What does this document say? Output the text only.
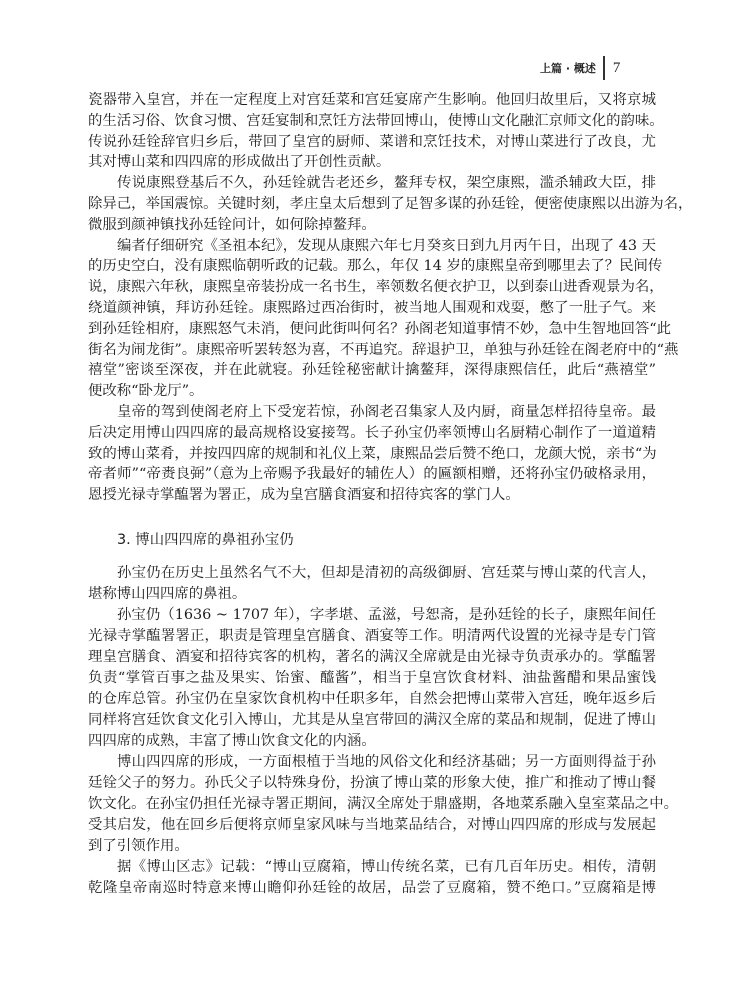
上篇 · 概述 7
瓷器带入皇宫，并在一定程度上对宫廷菜和宫廷宴席产生影响。他回归故里后，又将京城
的生活习俗、饮食习惯、宫廷宴制和烹饪方法带回博山，使博山文化融汇京师文化的韵味。
传说孙廷铨辞官归乡后，带回了皇宫的厨师、菜谱和烹饪技术，对博山菜进行了改良，尤
其对博山菜和四四席的形成做出了开创性贡献。
传说康熙登基后不久，孙廷铨就告老还乡，鳌拜专权，架空康熙，滥杀辅政大臣，排
除异己，举国震惊。关键时刻，孝庄皇太后想到了足智多谋的孙廷铨，便密使康熙以出游为名，
微服到颜神镇找孙廷铨问计，如何除掉鳌拜。
编者仔细研究《圣祖本纪》，发现从康熙六年七月癸亥日到九月丙午日，出现了 43 天
的历史空白，没有康熙临朝听政的记载。那么，年仅 14 岁的康熙皇帝到哪里去了？民间传
说，康熙六年秋，康熙皇帝装扮成一名书生，率领数名便衣护卫，以到泰山进香观景为名，
绕道颜神镇，拜访孙廷铨。康熙路过西冶街时，被当地人围观和戏耍，憋了一肚子气。来
到孙廷铨相府，康熙怒气未消，便问此街叫何名？孙阁老知道事情不妙，急中生智地回答“此
街名为闹龙街”。康熙帝听罢转怒为喜，不再追究。辞退护卫，单独与孙廷铨在阁老府中的“燕
禧堂”密谈至深夜，并在此就寝。孙廷铨秘密献计擒鳌拜，深得康熙信任，此后“燕禧堂”
便改称“卧龙厅”。
皇帝的驾到使阁老府上下受宠若惊，孙阁老召集家人及内厨，商量怎样招待皇帝。最
后决定用博山四四席的最高规格设宴接驾。长子孙宝仍率领博山名厨精心制作了一道道精
致的博山菜肴，并按四四席的规制和礼仪上菜，康熙品尝后赞不绝口，龙颜大悦，亲书“为
帝者师”“帝赉良弼”（意为上帝赐予我最好的辅佐人）的匾额相赠，还将孙宝仍破格录用，
恩授光禄寺掌醢署为署正，成为皇宫膳食酒宴和招待宾客的掌门人。
3. 博山四四席的鼻祖孙宝仍
孙宝仍在历史上虽然名气不大，但却是清初的高级御厨、宫廷菜与博山菜的代言人，
堪称博山四四席的鼻祖。
孙宝仍（1636 ~ 1707 年），字孝堪、孟滋，号恕斋，是孙廷铨的长子，康熙年间任
光禄寺掌醢署署正，职责是管理皇宫膳食、酒宴等工作。明清两代设置的光禄寺是专门管
理皇宫膳食、酒宴和招待宾客的机构，著名的满汉全席就是由光禄寺负责承办的。掌醢署
负责“掌管百事之盐及果实、饴蜜、醯酱”，相当于皇宫饮食材料、油盐酱醋和果品蜜饯
的仓库总管。孙宝仍在皇家饮食机构中任职多年，自然会把博山菜带入宫廷，晚年返乡后
同样将宫廷饮食文化引入博山，尤其是从皇宫带回的满汉全席的菜品和规制，促进了博山
四四席的成熟，丰富了博山饮食文化的内涵。
博山四四席的形成，一方面根植于当地的风俗文化和经济基础；另一方面则得益于孙
廷铨父子的努力。孙氏父子以特殊身份，扮演了博山菜的形象大使，推广和推动了博山餐
饮文化。在孙宝仍担任光禄寺署正期间，满汉全席处于鼎盛期，各地菜系融入皇室菜品之中。
受其启发，他在回乡后便将京师皇家风味与当地菜品结合，对博山四四席的形成与发展起
到了引领作用。
据《博山区志》记载：“博山豆腐箱，博山传统名菜，已有几百年历史。相传，清朝
乾隆皇帝南巡时特意来博山瞻仰孙廷铨的故居，品尝了豆腐箱，赞不绝口。”豆腐箱是博
